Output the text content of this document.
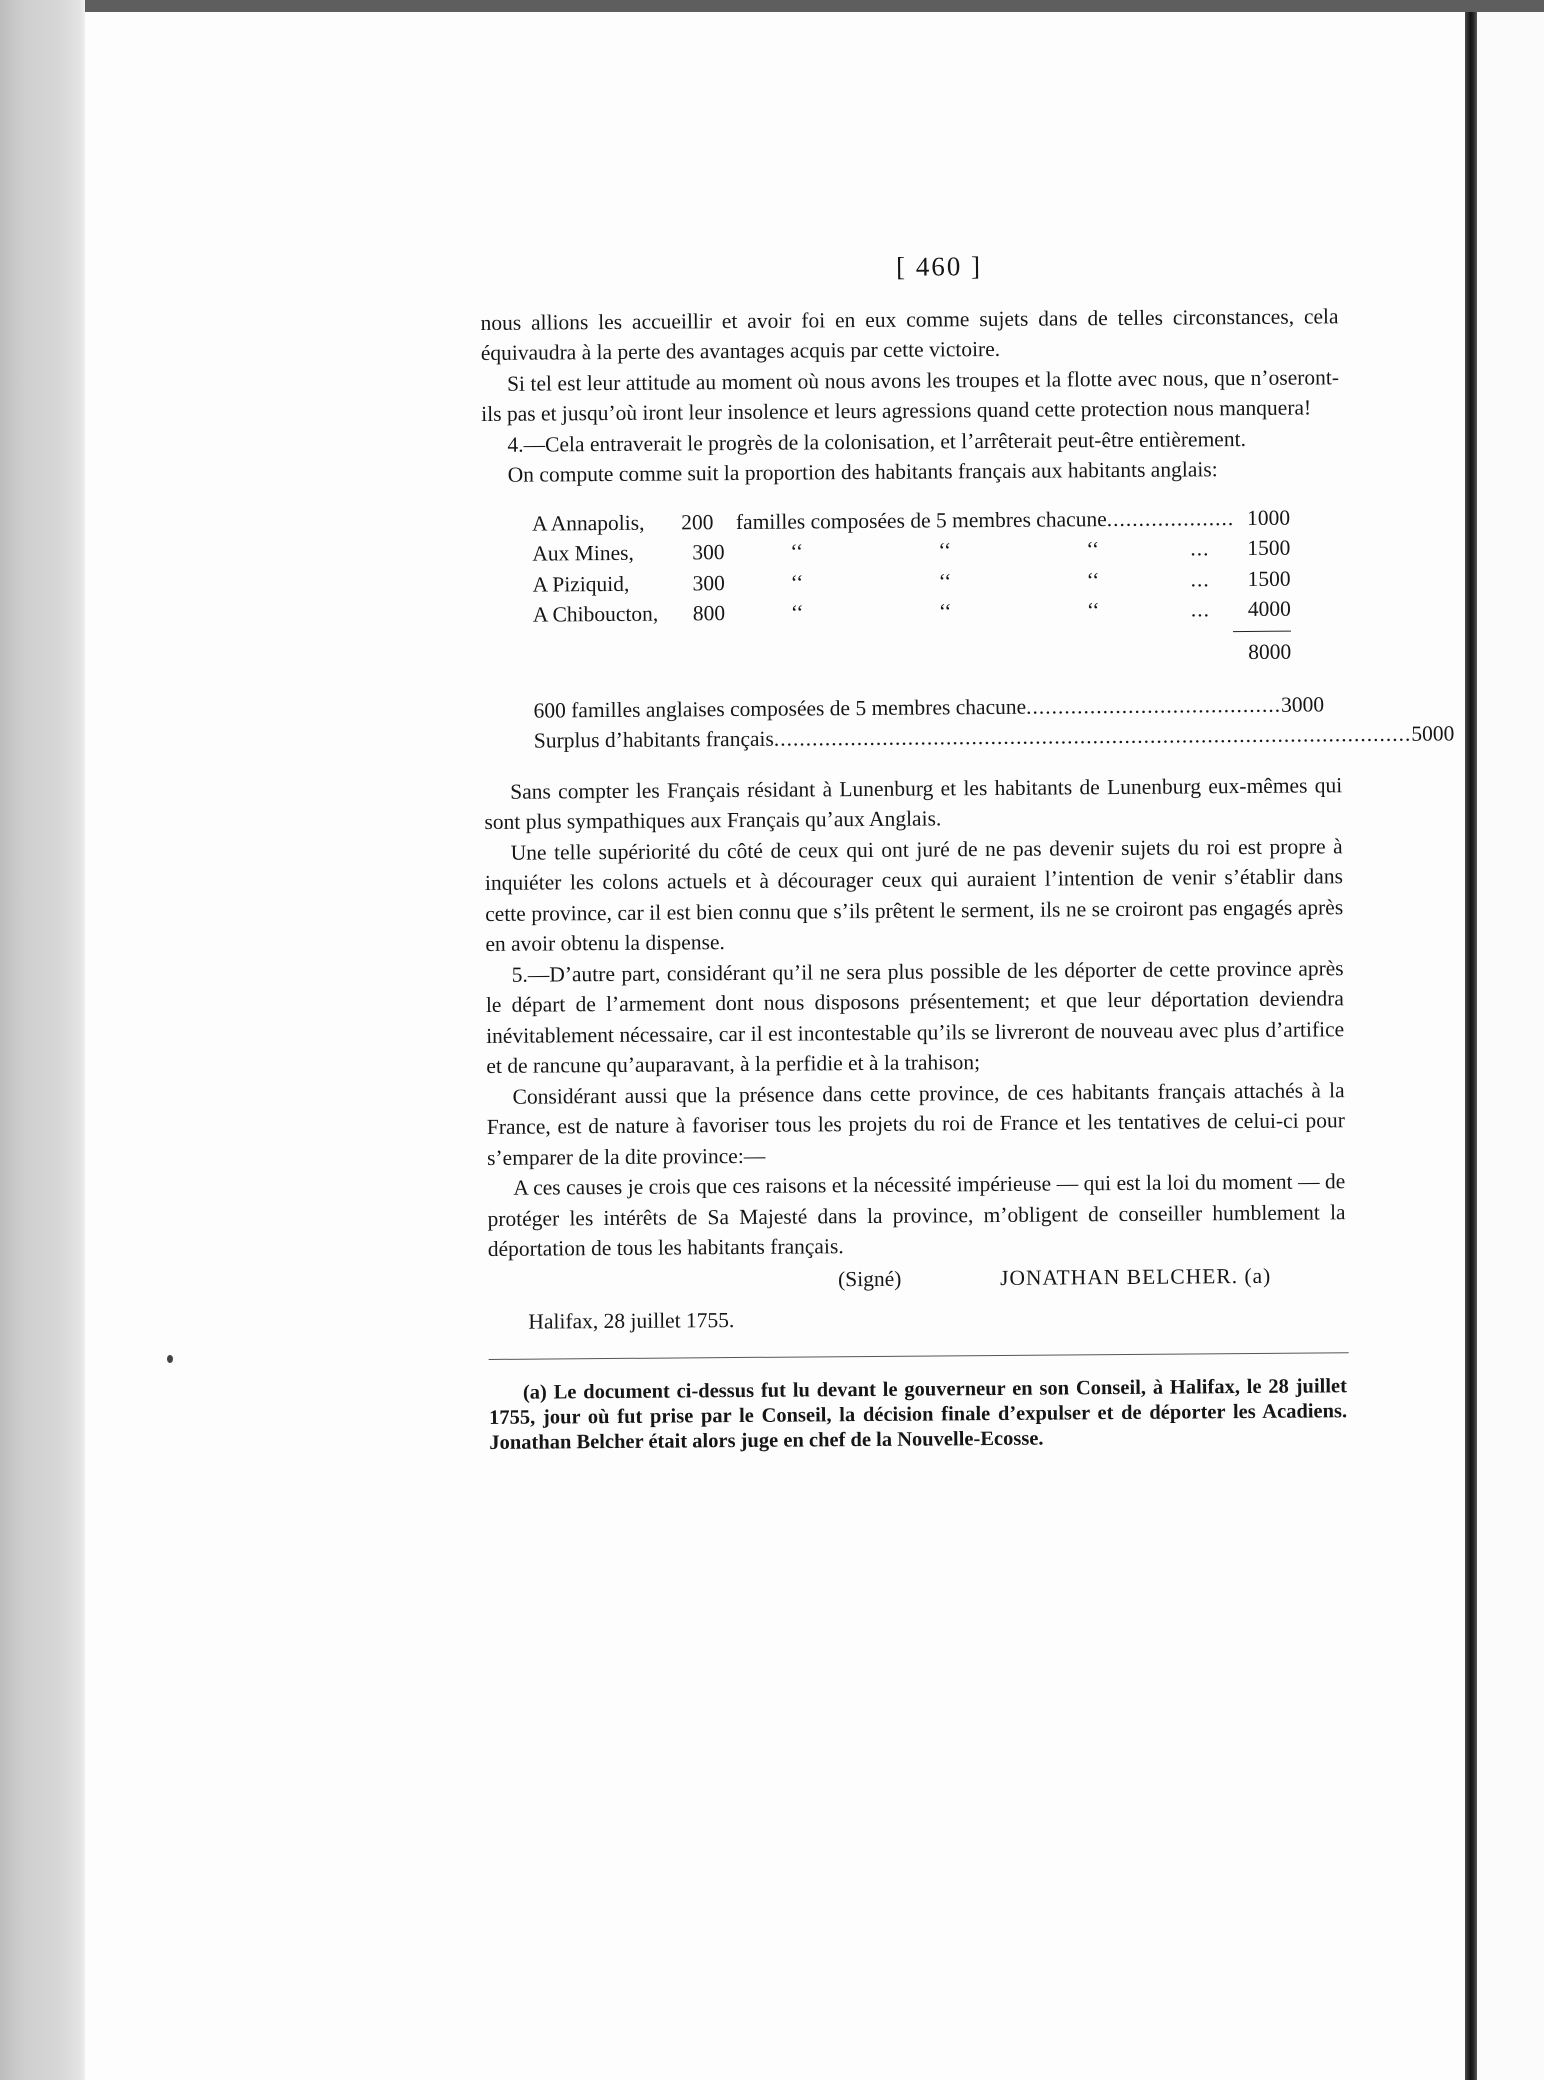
[ 460 ]

nous allions les accueillir et avoir foi en eux comme sujets dans de telles circonstances, cela équivaudra à la perte des avantages acquis par cette victoire.

Si tel est leur attitude au moment où nous avons les troupes et la flotte avec nous, que n’oseront-ils pas et jusqu’où iront leur insolence et leurs agressions quand cette protection nous manquera!

4.—Cela entraverait le progrès de la colonisation, et l’arrêterait peut-être entièrement.

On compute comme suit la proportion des habitants français aux habitants anglais:

A Annapolis,	200	familles composées de 5 membres chacune .................... 1000
Aux Mines,	300	‘‘	‘‘	‘‘	...	1500
A Piziquid,	300	‘‘	‘‘	‘‘	...	1500
A Chiboucton,	800	‘‘	‘‘	‘‘	...	4000
8000
600 familles anglaises composées de 5 membres chacune ........................................ 3000
Surplus d’habitants français .................................................................................................... 5000

Sans compter les Français résidant à Lunenburg et les habitants de Lunenburg eux-mêmes qui sont plus sympathiques aux Français qu’aux Anglais.

Une telle supériorité du côté de ceux qui ont juré de ne pas devenir sujets du roi est propre à inquiéter les colons actuels et à décourager ceux qui auraient l’intention de venir s’établir dans cette province, car il est bien connu que s’ils prêtent le serment, ils ne se croiront pas engagés après en avoir obtenu la dispense.

5.—D’autre part, considérant qu’il ne sera plus possible de les déporter de cette province après le départ de l’armement dont nous disposons présentement; et que leur déportation deviendra inévitablement nécessaire, car il est incontestable qu’ils se livreront de nouveau avec plus d’artifice et de rancune qu’auparavant, à la perfidie et à la trahison;

Considérant aussi que la présence dans cette province, de ces habitants français attachés à la France, est de nature à favoriser tous les projets du roi de France et les tentatives de celui-ci pour s’emparer de la dite province:—

A ces causes je crois que ces raisons et la nécessité impérieuse — qui est la loi du moment — de protéger les intérêts de Sa Majesté dans la province, m’obligent de conseiller humblement la déportation de tous les habitants français.

(Signé)	JONATHAN BELCHER. (a)
Halifax, 28 juillet 1755.

(a) Le document ci-dessus fut lu devant le gouverneur en son Conseil, à Halifax, le 28 juillet 1755, jour où fut prise par le Conseil, la décision finale d’expulser et de déporter les Acadiens. Jonathan Belcher était alors juge en chef de la Nouvelle-Ecosse.
